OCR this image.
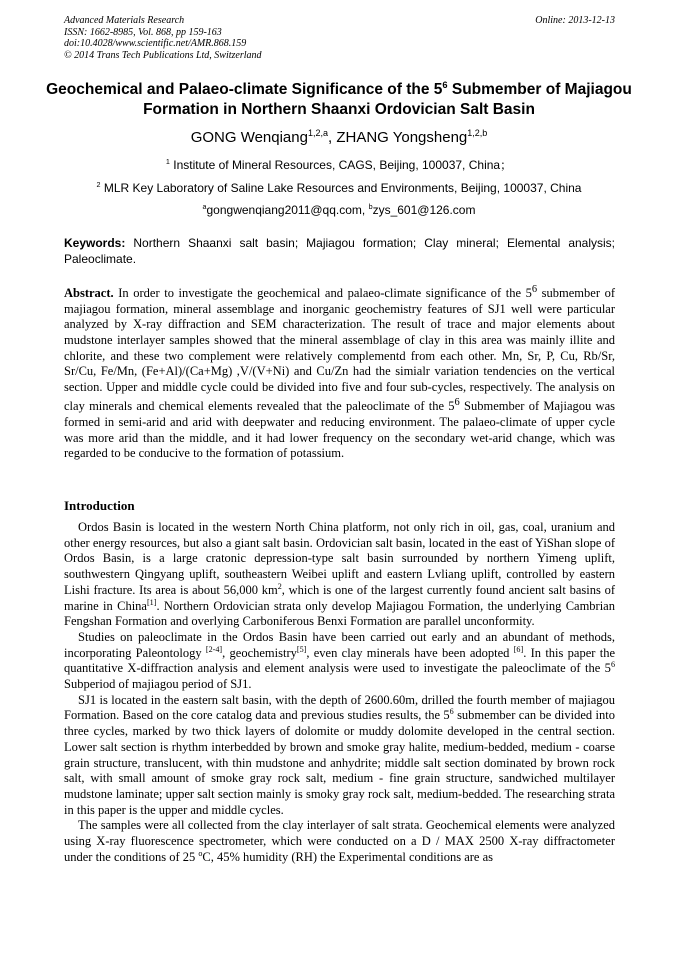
Advanced Materials Research
ISSN: 1662-8985, Vol. 868, pp 159-163
doi:10.4028/www.scientific.net/AMR.868.159
© 2014 Trans Tech Publications Ltd, Switzerland
Online: 2013-12-13
Geochemical and Palaeo-climate Significance of the $5^6$ Submember of Majiagou Formation in Northern Shaanxi Ordovician Salt Basin
GONG Wenqiang$^{1,2,a}$, ZHANG Yongsheng$^{1,2,b}$
$^1$ Institute of Mineral Resources, CAGS, Beijing, 100037, China；
$^2$ MLR Key Laboratory of Saline Lake Resources and Environments, Beijing, 100037, China
$^a$gongwenqiang2011@qq.com, $^b$zys_601@126.com
Keywords: Northern Shaanxi salt basin; Majiagou formation; Clay mineral; Elemental analysis; Paleoclimate.
Abstract. In order to investigate the geochemical and palaeo-climate significance of the $5^6$ submember of majiagou formation, mineral assemblage and inorganic geochemistry features of SJ1 well were particular analyzed by X-ray diffraction and SEM characterization. The result of trace and major elements about mudstone interlayer samples showed that the mineral assemblage of clay in this area was mainly illite and chlorite, and these two complement were relatively complementd from each other. Mn, Sr, P, Cu, Rb/Sr, Sr/Cu, Fe/Mn, (Fe+Al)/(Ca+Mg) ,V/(V+Ni) and Cu/Zn had the simialr variation tendencies on the vertical section. Upper and middle cycle could be divided into five and four sub-cycles, respectively. The analysis on clay minerals and chemical elements revealed that the paleoclimate of the $5^6$ Submember of Majiagou was formed in semi-arid and arid with deepwater and reducing environment. The palaeo-climate of upper cycle was more arid than the middle, and it had lower frequency on the secondary wet-arid change, which was regarded to be conducive to the formation of potassium.
Introduction

Ordos Basin is located in the western North China platform, not only rich in oil, gas, coal, uranium and other energy resources, but also a giant salt basin. Ordovician salt basin, located in the east of YiShan slope of Ordos Basin, is a large cratonic depression-type salt basin surrounded by northern Yimeng uplift, southwestern Qingyang uplift, southeastern Weibei uplift and eastern Lvliang uplift, controlled by eastern Lishi fracture. Its area is about 56,000 $km^2$, which is one of the largest currently found ancient salt basins of marine in China[1]. Northern Ordovician strata only develop Majiagou Formation, the underlying Cambrian Fengshan Formation and overlying Carboniferous Benxi Formation are parallel unconformity.

Studies on paleoclimate in the Ordos Basin have been carried out early and an abundant of methods, incorporating Paleontology [2-4], geochemistry[5], even clay minerals have been adopted [6]. In this paper the quantitative X-diffraction analysis and element analysis were used to investigate the paleoclimate of the $5^6$ Subperiod of majiagou period of SJ1.

SJ1 is located in the eastern salt basin, with the depth of 2600.60m, drilled the fourth member of majiagou Formation. Based on the core catalog data and previous studies results, the $5^6$ submember can be divided into three cycles, marked by two thick layers of dolomite or muddy dolomite developed in the central section. Lower salt section is rhythm interbedded by brown and smoke gray halite, medium-bedded, medium - coarse grain structure, translucent, with thin mudstone and anhydrite; middle salt section dominated by brown rock salt, with small amount of smoke gray rock salt, medium - fine grain structure, sandwiched multilayer mudstone laminate; upper salt section mainly is smoky gray rock salt, medium-bedded. The researching strata in this paper is the upper and middle cycles.

The samples were all collected from the clay interlayer of salt strata. Geochemical elements were analyzed using X-ray fluorescence spectrometer, which were conducted on a D / MAX 2500 X-ray diffractometer under the conditions of 25 $^o$C, 45% humidity (RH) the Experimental conditions are as
